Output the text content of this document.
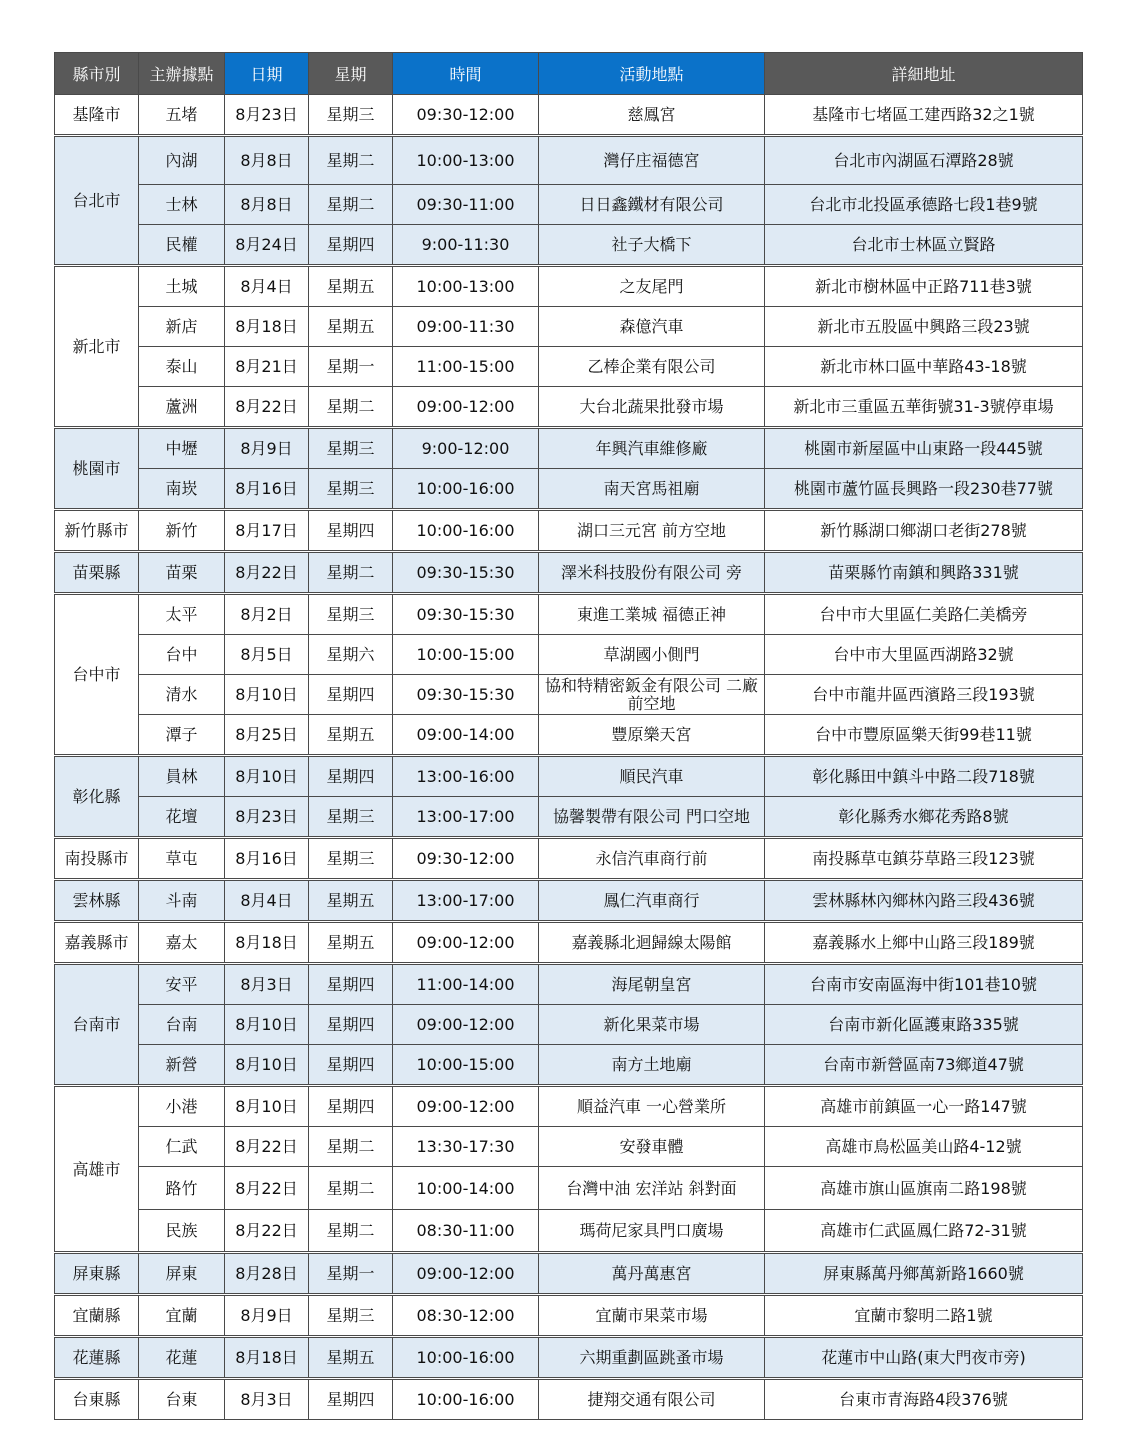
縣市別	主辦據點	日期	星期	時間	活動地點	詳細地址
基隆市	五堵	8月23日	星期三	09:30-12:00	慈鳳宮	基隆市七堵區工建西路32之1號
台北市	內湖	8月8日	星期二	10:00-13:00	灣仔庄福德宮	台北市內湖區石潭路28號
	士林	8月8日	星期二	09:30-11:00	日日鑫鐵材有限公司	台北市北投區承德路七段1巷9號
	民權	8月24日	星期四	9:00-11:30	社子大橋下	台北市士林區立賢路
新北市	土城	8月4日	星期五	10:00-13:00	之友尾門	新北市樹林區中正路711巷3號
	新店	8月18日	星期五	09:00-11:30	森億汽車	新北市五股區中興路三段23號
	泰山	8月21日	星期一	11:00-15:00	乙棒企業有限公司	新北市林口區中華路43-18號
	蘆洲	8月22日	星期二	09:00-12:00	大台北蔬果批發市場	新北市三重區五華街號31-3號停車場
桃園市	中壢	8月9日	星期三	9:00-12:00	年興汽車維修廠	桃園市新屋區中山東路一段445號
	南崁	8月16日	星期三	10:00-16:00	南天宮馬祖廟	桃園市蘆竹區長興路一段230巷77號
新竹縣市	新竹	8月17日	星期四	10:00-16:00	湖口三元宮 前方空地	新竹縣湖口鄉湖口老街278號
苗栗縣	苗栗	8月22日	星期二	09:30-15:30	澤米科技股份有限公司 旁	苗栗縣竹南鎮和興路331號
台中市	太平	8月2日	星期三	09:30-15:30	東進工業城 福德正神	台中市大里區仁美路仁美橋旁
	台中	8月5日	星期六	10:00-15:00	草湖國小側門	台中市大里區西湖路32號
	清水	8月10日	星期四	09:30-15:30	協和特精密鈑金有限公司 二廠 前空地	台中市龍井區西濱路三段193號
	潭子	8月25日	星期五	09:00-14:00	豐原樂天宮	台中市豐原區樂天街99巷11號
彰化縣	員林	8月10日	星期四	13:00-16:00	順民汽車	彰化縣田中鎮斗中路二段718號
	花壇	8月23日	星期三	13:00-17:00	協馨製帶有限公司 門口空地	彰化縣秀水鄉花秀路8號
南投縣市	草屯	8月16日	星期三	09:30-12:00	永信汽車商行前	南投縣草屯鎮芬草路三段123號
雲林縣	斗南	8月4日	星期五	13:00-17:00	鳳仁汽車商行	雲林縣林內鄉林內路三段436號
嘉義縣市	嘉太	8月18日	星期五	09:00-12:00	嘉義縣北迴歸線太陽館	嘉義縣水上鄉中山路三段189號
台南市	安平	8月3日	星期四	11:00-14:00	海尾朝皇宮	台南市安南區海中街101巷10號
	台南	8月10日	星期四	09:00-12:00	新化果菜市場	台南市新化區護東路335號
	新營	8月10日	星期四	10:00-15:00	南方土地廟	台南市新營區南73鄉道47號
高雄市	小港	8月10日	星期四	09:00-12:00	順益汽車 一心營業所	高雄市前鎮區一心一路147號
	仁武	8月22日	星期二	13:30-17:30	安發車體	高雄市鳥松區美山路4-12號
	路竹	8月22日	星期二	10:00-14:00	台灣中油 宏洋站 斜對面	高雄市旗山區旗南二路198號
	民族	8月22日	星期二	08:30-11:00	瑪荷尼家具門口廣場	高雄市仁武區鳳仁路72-31號
屏東縣	屏東	8月28日	星期一	09:00-12:00	萬丹萬惠宮	屏東縣萬丹鄉萬新路1660號
宜蘭縣	宜蘭	8月9日	星期三	08:30-12:00	宜蘭市果菜市場	宜蘭市黎明二路1號
花蓮縣	花蓮	8月18日	星期五	10:00-16:00	六期重劃區跳蚤市場	花蓮市中山路(東大門夜市旁)
台東縣	台東	8月3日	星期四	10:00-16:00	捷翔交通有限公司	台東市青海路4段376號
